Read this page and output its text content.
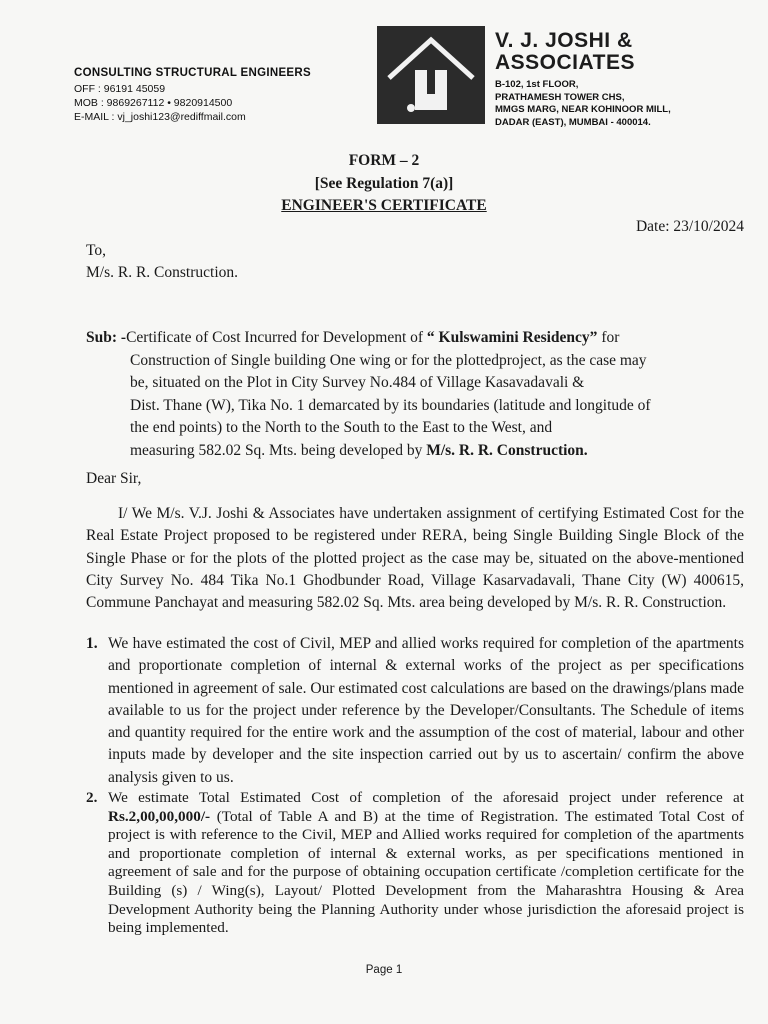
CONSULTING STRUCTURAL ENGINEERS
OFF : 96191 45059
MOB : 9869267112 • 9820914500
E-MAIL : vj_joshi123@rediffmail.com
V. J. JOSHI &
ASSOCIATES
B-102, 1st FLOOR,
PRATHAMESH TOWER CHS,
MMGS MARG, NEAR KOHINOOR MILL,
DADAR (EAST), MUMBAI - 400014.
FORM – 2
[See Regulation 7(a)]
ENGINEER'S CERTIFICATE
Date: 23/10/2024
To,
M/s. R. R. Construction.
Sub: -Certificate of Cost Incurred for Development of “ Kulswamini Residency” for
Construction of Single building One wing or for the plottedproject, as the case may
be, situated on the Plot in City Survey No.484 of Village Kasavadavali &
Dist. Thane (W), Tika No. 1 demarcated by its boundaries (latitude and longitude of
the end points) to the North to the South to the East to the West, and
measuring 582.02 Sq. Mts. being developed by M/s. R. R. Construction.
Dear Sir,
I/ We M/s. V.J. Joshi & Associates have undertaken assignment of certifying Estimated Cost for the Real Estate Project proposed to be registered under RERA, being Single Building Single Block of the Single Phase or for the plots of the plotted project as the case may be, situated on the above-mentioned City Survey No. 484 Tika No.1 Ghodbunder Road, Village Kasarvadavali, Thane City (W) 400615, Commune Panchayat and measuring 582.02 Sq. Mts. area being developed by M/s. R. R. Construction.
1. We have estimated the cost of Civil, MEP and allied works required for completion of the apartments and proportionate completion of internal & external works of the project as per specifications mentioned in agreement of sale. Our estimated cost calculations are based on the drawings/plans made available to us for the project under reference by the Developer/Consultants. The Schedule of items and quantity required for the entire work and the assumption of the cost of material, labour and other inputs made by developer and the site inspection carried out by us to ascertain/ confirm the above analysis given to us.
2. We estimate Total Estimated Cost of completion of the aforesaid project under reference at Rs.2,00,00,000/- (Total of Table A and B) at the time of Registration. The estimated Total Cost of project is with reference to the Civil, MEP and Allied works required for completion of the apartments and proportionate completion of internal & external works, as per specifications mentioned in agreement of sale and for the purpose of obtaining occupation certificate /completion certificate for the Building (s) / Wing(s), Layout/ Plotted Development from the Maharashtra Housing & Area Development Authority being the Planning Authority under whose jurisdiction the aforesaid project is being implemented.
Page 1
